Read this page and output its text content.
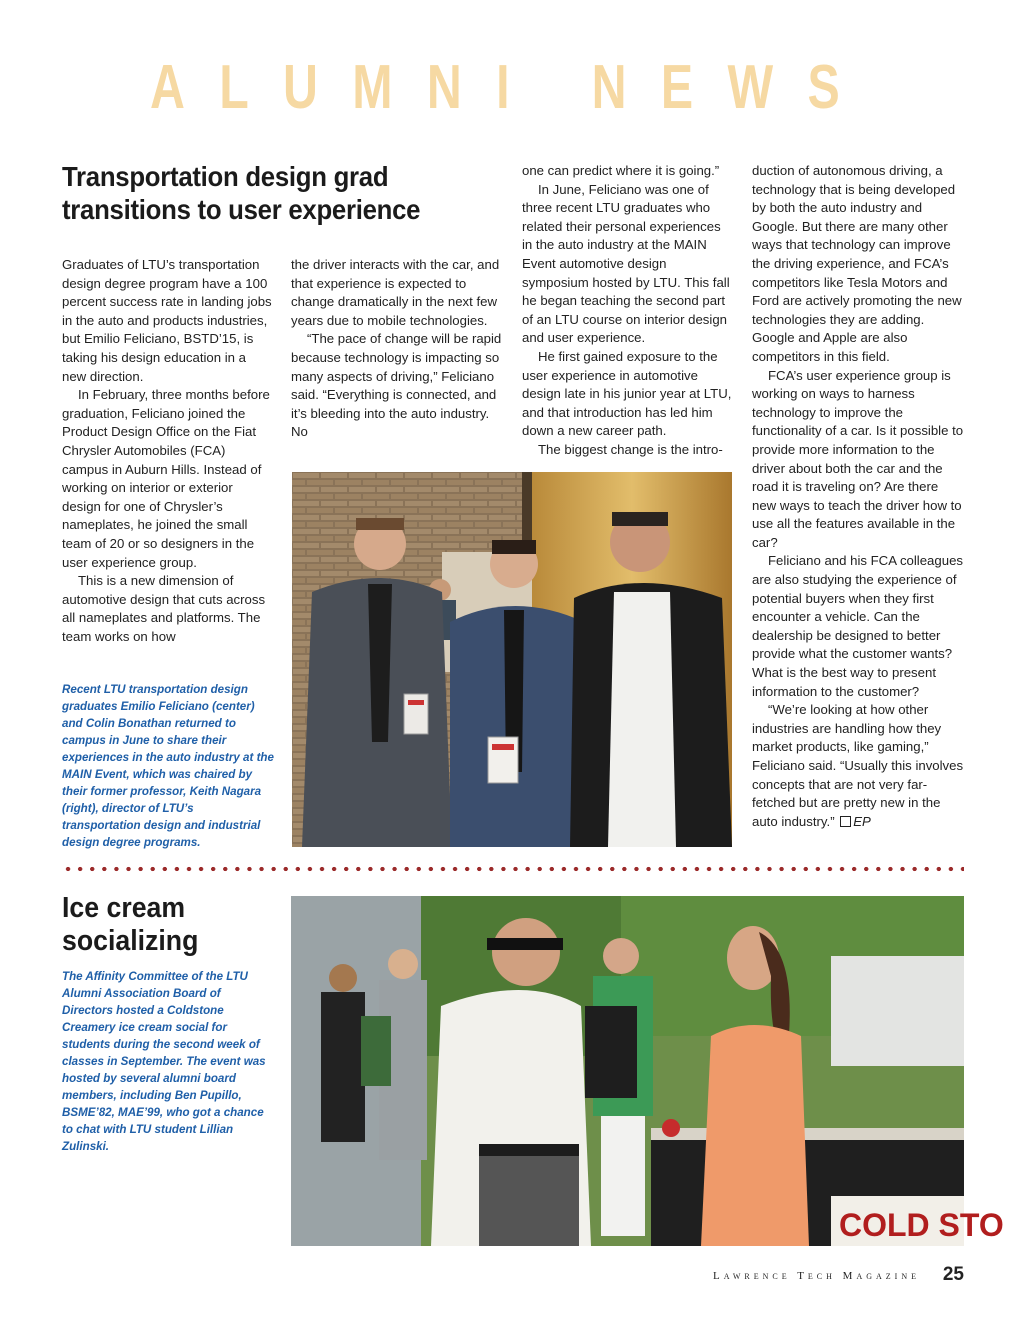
ALUMNI NEWS
Transportation design grad transitions to user experience

Graduates of LTU’s transportation design degree program have a 100 percent success rate in landing jobs in the auto and products industries, but Emilio Feliciano, BSTD’15, is taking his design education in a new direction.

In February, three months before graduation, Feliciano joined the Product Design Office on the Fiat Chrysler Automobiles (FCA) campus in Auburn Hills. Instead of working on interior or exterior design for one of Chrysler’s nameplates, he joined the small team of 20 or so designers in the user experience group.

This is a new dimension of automotive design that cuts across all nameplates and platforms. The team works on how

the driver interacts with the car, and that experience is expected to change dramatically in the next few years due to mobile technologies.

“The pace of change will be rapid because technology is impacting so many aspects of driving,” Feliciano said. “Everything is connected, and it’s bleeding into the auto industry. No

one can predict where it is going.”

In June, Feliciano was one of three recent LTU graduates who related their personal experiences in the auto industry at the MAIN Event automotive design symposium hosted by LTU. This fall he began teaching the second part of an LTU course on interior design and user experience.

He first gained exposure to the user experience in automotive design late in his junior year at LTU, and that introduction has led him down a new career path.

The biggest change is the intro-

duction of autonomous driving, a technology that is being developed by both the auto industry and Google. But there are many other ways that technology can improve the driving experience, and FCA’s competitors like Tesla Motors and Ford are actively promoting the new technologies they are adding. Google and Apple are also competitors in this field.

FCA’s user experience group is working on ways to harness technology to improve the functionality of a car. Is it possible to provide more information to the driver about both the car and the road it is traveling on? Are there new ways to teach the driver how to use all the features available in the car?

Feliciano and his FCA colleagues are also studying the experience of potential buyers when they first encounter a vehicle. Can the dealership be designed to better provide what the customer wants? What is the best way to present information to the customer?

“We’re looking at how other industries are handling how they market products, like gaming,” Feliciano said. “Usually this involves concepts that are not very far-fetched but are pretty new in the auto industry.” EP

Recent LTU transportation design graduates Emilio Feliciano (center) and Colin Bonathan returned to campus in June to share their experiences in the auto industry at the MAIN Event, which was chaired by their former professor, Keith Nagara (right), director of LTU’s transportation design and industrial design degree programs.
Ice cream socializing
The Affinity Committee of the LTU Alumni Association Board of Directors hosted a Coldstone Creamery ice cream social for students during the second week of classes in September. The event was hosted by several alumni board members, including Ben Pupillo, BSME’82, MAE’99, who got a chance to chat with LTU student Lillian Zulinski.
COLD STO
Lawrence Tech Magazine 25
